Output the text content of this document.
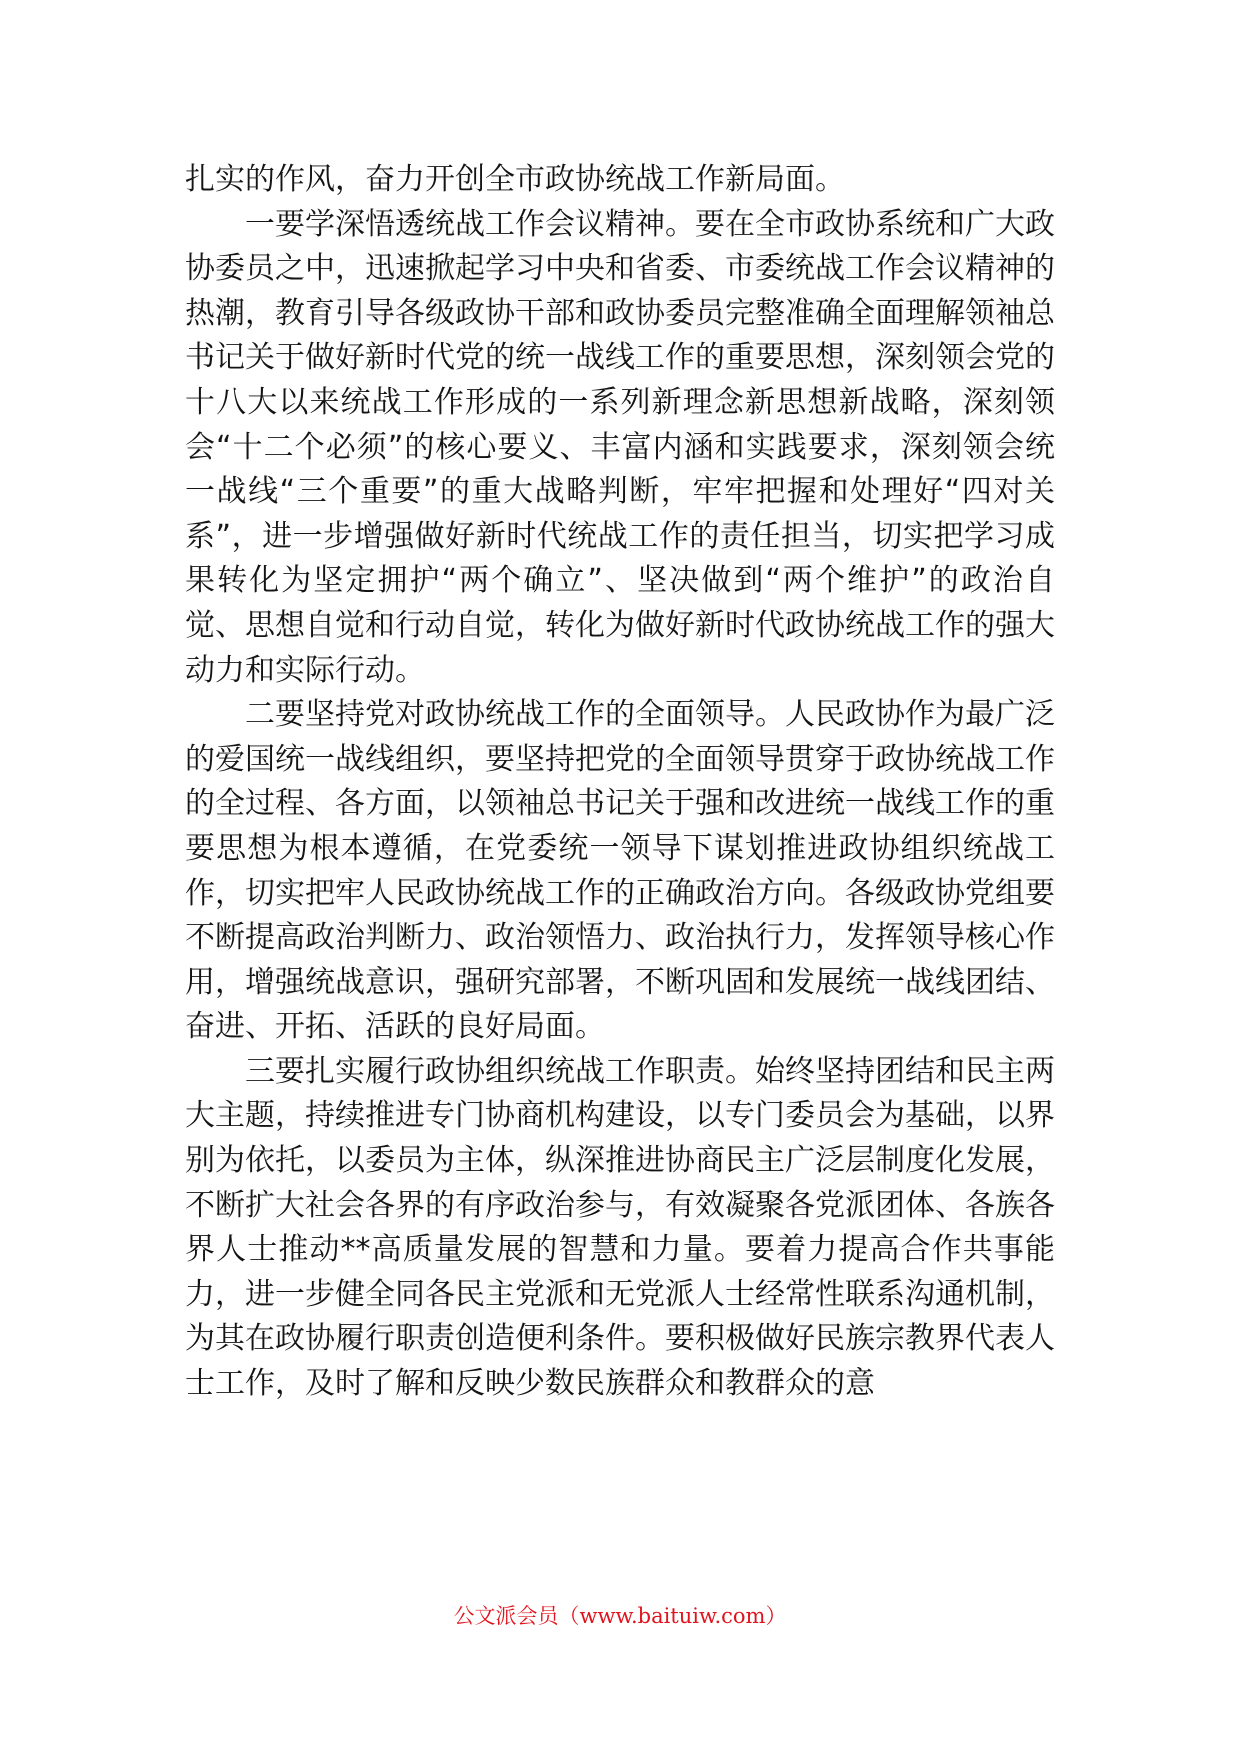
扎实的作风，奋力开创全市政协统战工作新局面。

一要学深悟透统战工作会议精神。要在全市政协系统和广大政协委员之中，迅速掀起学习中央和省委、市委统战工作会议精神的热潮，教育引导各级政协干部和政协委员完整准确全面理解领袖总书记关于做好新时代党的统一战线工作的重要思想，深刻领会党的十八大以来统战工作形成的一系列新理念新思想新战略，深刻领会“十二个必须”的核心要义、丰富内涵和实践要求，深刻领会统一战线“三个重要”的重大战略判断，牢牢把握和处理好“四对关系”，进一步增强做好新时代统战工作的责任担当，切实把学习成果转化为坚定拥护“两个确立”、坚决做到“两个维护”的政治自觉、思想自觉和行动自觉，转化为做好新时代政协统战工作的强大动力和实际行动。

二要坚持党对政协统战工作的全面领导。人民政协作为最广泛的爱国统一战线组织，要坚持把党的全面领导贯穿于政协统战工作的全过程、各方面，以领袖总书记关于强和改进统一战线工作的重要思想为根本遵循，在党委统一领导下谋划推进政协组织统战工作，切实把牢人民政协统战工作的正确政治方向。各级政协党组要不断提高政治判断力、政治领悟力、政治执行力，发挥领导核心作用，增强统战意识，强研究部署，不断巩固和发展统一战线团结、奋进、开拓、活跃的良好局面。

三要扎实履行政协组织统战工作职责。始终坚持团结和民主两大主题，持续推进专门协商机构建设，以专门委员会为基础，以界别为依托，以委员为主体，纵深推进协商民主广泛层制度化发展，不断扩大社会各界的有序政治参与，有效凝聚各党派团体、各族各界人士推动**高质量发展的智慧和力量。要着力提高合作共事能力，进一步健全同各民主党派和无党派人士经常性联系沟通机制，为其在政协履行职责创造便利条件。要积极做好民族宗教界代表人士工作，及时了解和反映少数民族群众和教群众的意

公文派会员（www.baituiw.com）
